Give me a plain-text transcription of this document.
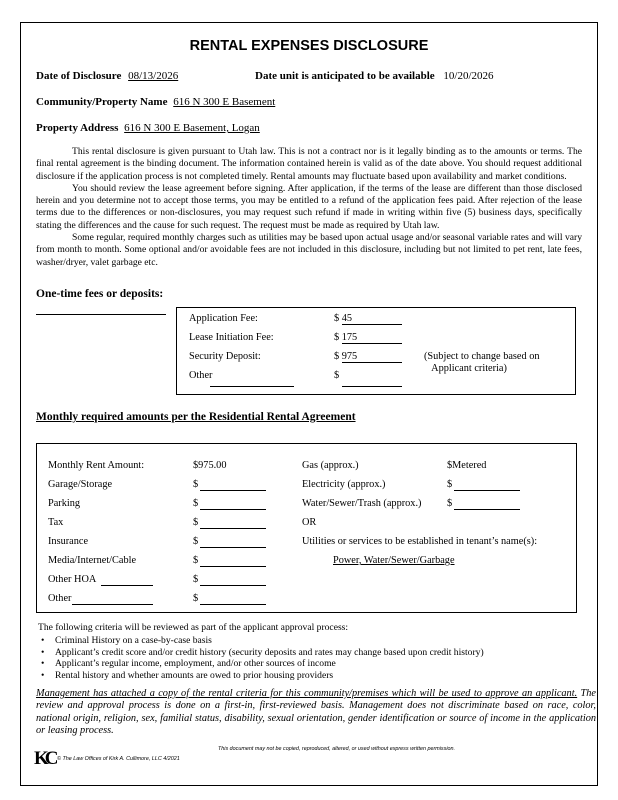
RENTAL EXPENSES DISCLOSURE
Date of Disclosure 08/13/2026	Date unit is anticipated to be available 10/20/2026
Community/Property Name 616 N 300 E Basement
Property Address 616 N 300 E Basement, Logan

This rental disclosure is given pursuant to Utah law. This is not a contract nor is it legally binding as to the amounts or terms. The final rental agreement is the binding document. The information contained herein is valid as of the date above. You should request additional disclosure if the application process is not completed timely. Rental amounts may fluctuate based upon availability and market conditions.

You should review the lease agreement before signing. After application, if the terms of the lease are different than those disclosed herein and you determine not to accept those terms, you may be entitled to a refund of the application fees paid. After rejection of the lease terms due to the differences or non-disclosures, you may request such refund if made in writing within five (5) business days, specifically stating the differences and the cause for such request. The request must be made as required by Utah law.

Some regular, required monthly charges such as utilities may be based upon actual usage and/or seasonal variable rates and will vary from month to month. Some optional and/or avoidable fees are not included in this disclosure, including but not limited to pet rent, late fees, washer/dryer, valet garbage etc.

One-time fees or deposits:
Application Fee:	$ 45
Lease Initiation Fee:	$ 175
Security Deposit:	$ 975
Other	$
(Subject to change based on
Applicant criteria)
Monthly required amounts per the Residential Rental Agreement
Monthly Rent Amount:	$975.00
Garage/Storage	$
Parking	$
Tax	$
Insurance	$
Media/Internet/Cable	$
Other HOA	$
Other	$
Gas (approx.)	$Metered
Electricity (approx.)	$
Water/Sewer/Trash (approx.) $
OR
Utilities or services to be established in tenant’s name(s):
Power, Water/Sewer/Garbage
The following criteria will be reviewed as part of the applicant approval process:
• Criminal History on a case-by-case basis
• Applicant’s credit score and/or credit history (security deposits and rates may change based upon credit history)
• Applicant’s regular income, employment, and/or other sources of income
• Rental history and whether amounts are owed to prior housing providers
Management has attached a copy of the rental criteria for this community/premises which will be used to approve an applicant. The review and approval process is done on a first-in, first-reviewed basis. Management does not discriminate based on race, color, national origin, religion, sex, familial status, disability, sexual orientation, gender identification or source of income in the application or leasing process.
KC © The Law Offices of Kirk A. Cullimore, LLC 4/2021
This document may not be copied, reproduced, altered, or used without express written permission.
